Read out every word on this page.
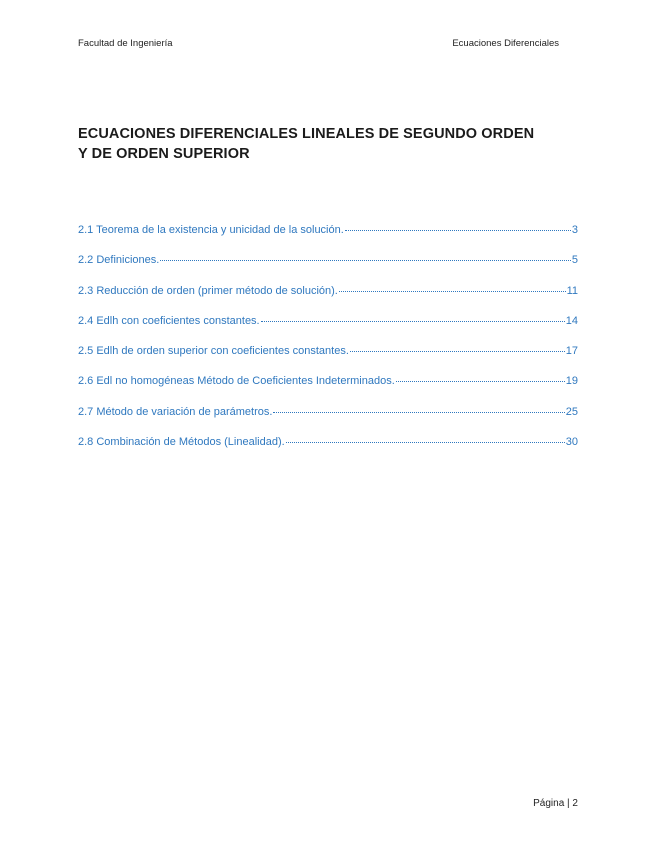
Facultad de Ingeniería	Ecuaciones Diferenciales
ECUACIONES DIFERENCIALES LINEALES DE SEGUNDO ORDEN
Y DE ORDEN SUPERIOR
2.1 Teorema de la existencia y unicidad de la solución.	3
2.2 Definiciones.	5
2.3 Reducción de orden (primer método de solución).	11
2.4 Edlh con coeficientes constantes.	14
2.5 Edlh de orden superior con coeficientes constantes.	17
2.6 Edl no homogéneas Método de Coeficientes Indeterminados.	19
2.7 Método de variación de parámetros.	25
2.8 Combinación de Métodos (Linealidad).	30
Página | 2
